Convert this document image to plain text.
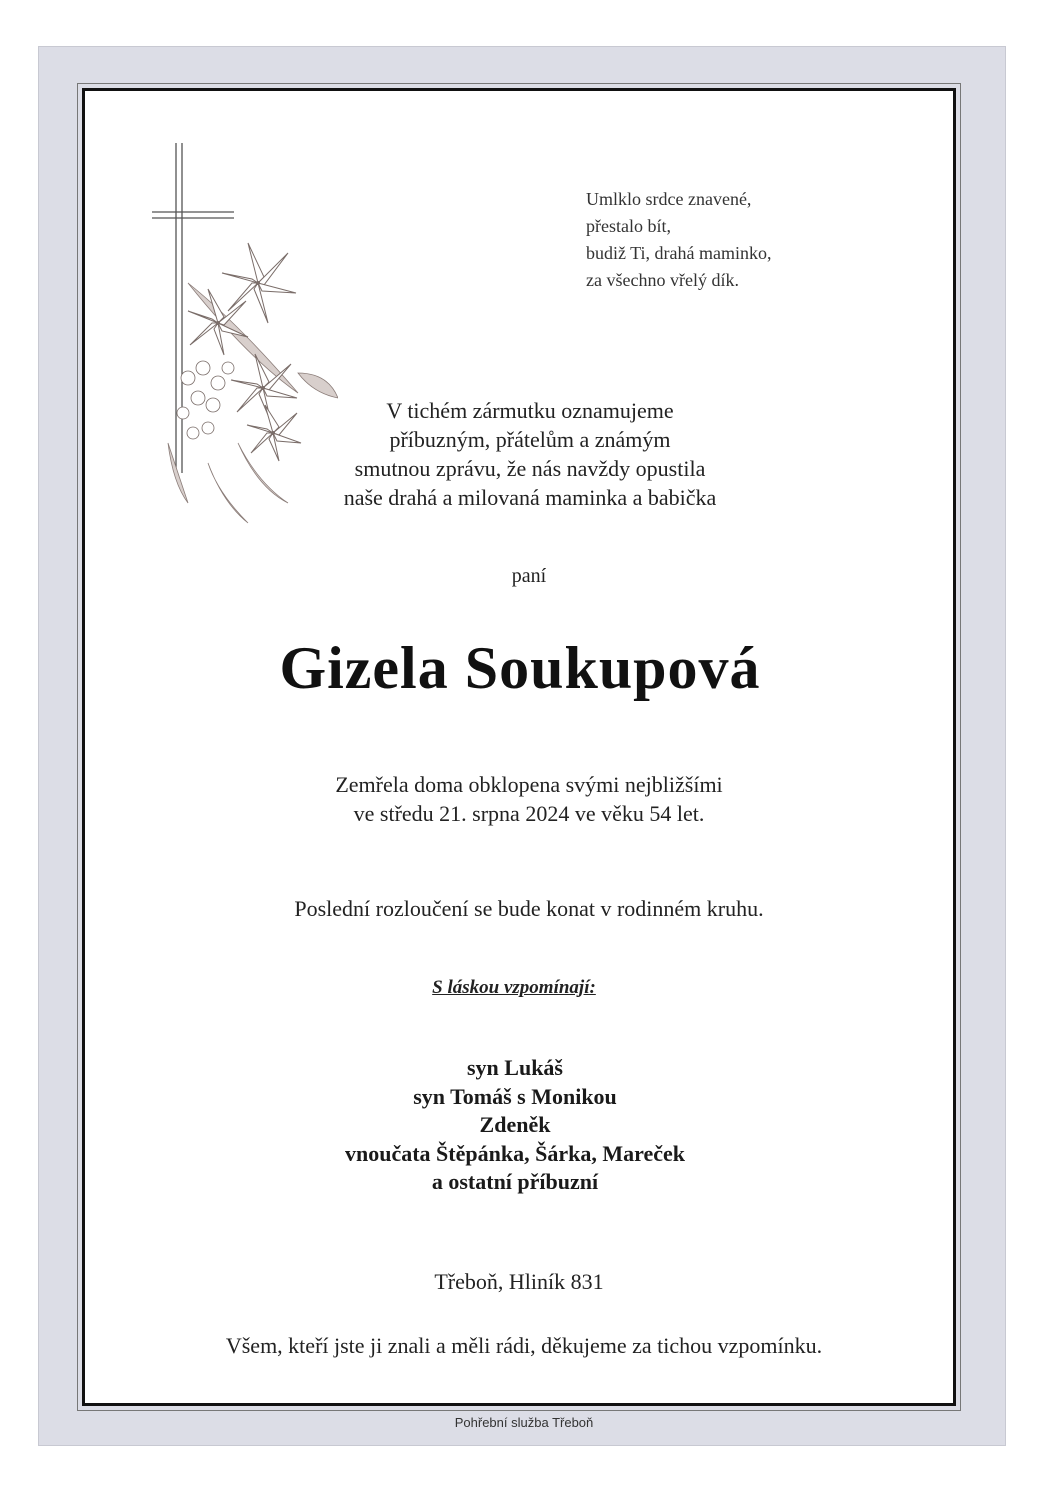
Umlklo srdce znavené,
přestalo bít,
budiž Ti, drahá maminko,
za všechno vřelý dík.
V tichém zármutku oznamujeme
příbuzným, přátelům a známým
smutnou zprávu, že nás navždy opustila
naše drahá a milovaná maminka a babička
paní
Gizela Soukupová
Zemřela doma obklopena svými nejbližšími
ve středu 21. srpna 2024 ve věku 54 let.
Poslední rozloučení se bude konat v rodinném kruhu.
S láskou vzpomínají:
syn Lukáš
syn Tomáš s Monikou
Zdeněk
vnoučata Štěpánka, Šárka, Mareček
a ostatní příbuzní
Třeboň, Hliník 831
Všem, kteří jste ji znali a měli rádi, děkujeme za tichou vzpomínku.
Pohřební služba Třeboň
